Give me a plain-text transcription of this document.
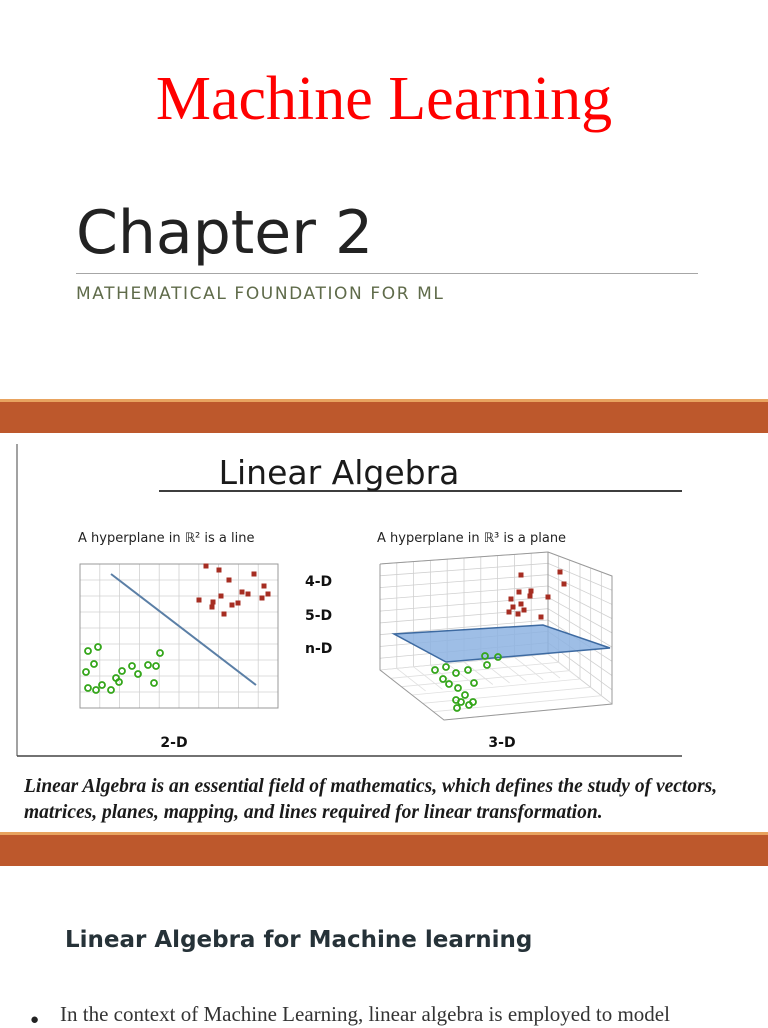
Machine Learning
Chapter 2
MATHEMATICAL FOUNDATION FOR ML
Linear Algebra
A hyperplane in ℝ² is a line
2-D
4-D
5-D
n-D
A hyperplane in ℝ³ is a plane
3-D
Linear Algebra is an essential field of mathematics, which defines the study of vectors, matrices, planes, mapping, and lines required for linear transformation.
Linear Algebra for Machine learning
● In the context of Machine Learning, linear algebra is employed to model
